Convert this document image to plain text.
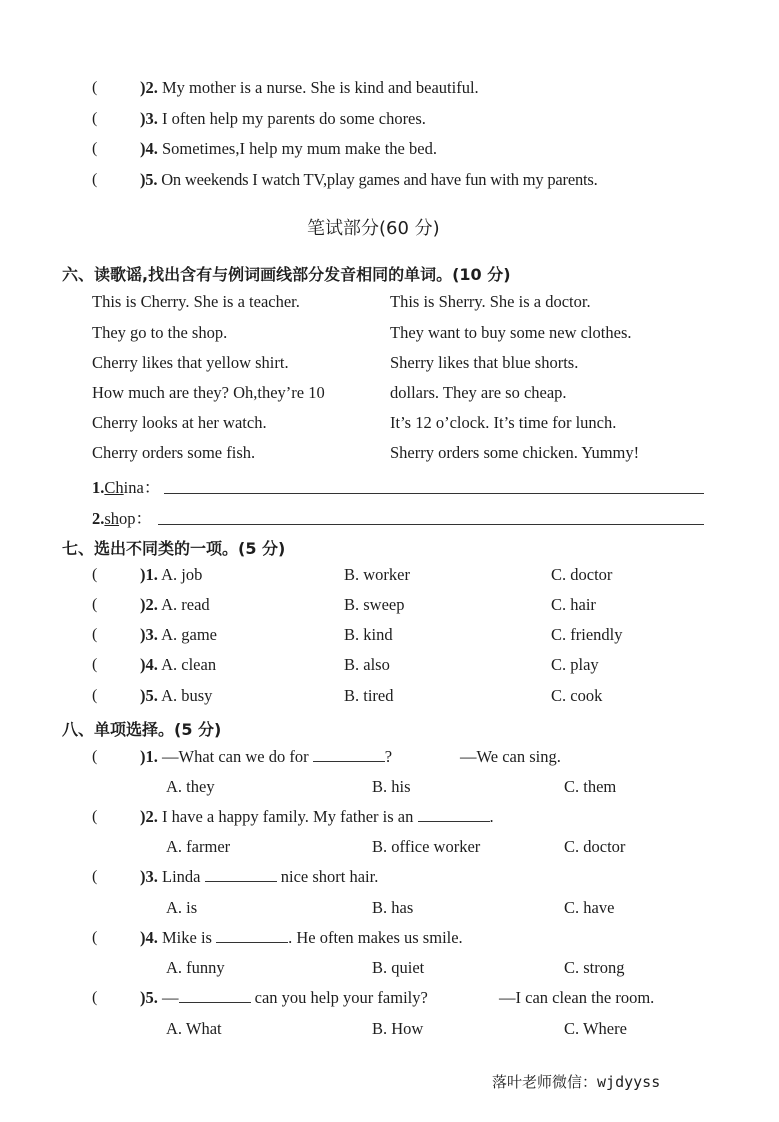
(	)2. My mother is a nurse. She is kind and beautiful.
(	)3. I often help my parents do some chores.
(	)4. Sometimes,I help my mum make the bed.
(	)5. On weekends I watch TV,play games and have fun with my parents.
笔试部分(60 分)
六、读歌谣,找出含有与例词画线部分发音相同的单词。(10 分)
This is Cherry. She is a teacher.	This is Sherry. She is a doctor.
They go to the shop.	They want to buy some new clothes.
Cherry likes that yellow shirt.	Sherry likes that blue shorts.
How much are they? Oh,they’re 10	dollars. They are so cheap.
Cherry looks at her watch.	It’s 12 o’clock. It’s time for lunch.
Cherry orders some fish.	Sherry orders some chicken. Yummy!
1.China：
2.shop：
七、选出不同类的一项。(5 分)
(	)1. A. job	B. worker	C. doctor
(	)2. A. read	B. sweep	C. hair
(	)3. A. game	B. kind	C. friendly
(	)4. A. clean	B. also	C. play
(	)5. A. busy	B. tired	C. cook
八、单项选择。(5 分)
(	)1. —What can we do for	?	—We can sing.
A. they	B. his	C. them
(	)2. I have a happy family. My father is an	.
A. farmer	B. office worker	C. doctor
(	)3. Linda	nice short hair.
A. is	B. has	C. have
(	)4. Mike is	. He often makes us smile.
A. funny	B. quiet	C. strong
(	)5. —	can you help your family?	—I can clean the room.
A. What	B. How	C. Where
落叶老师微信：wjdyyss
